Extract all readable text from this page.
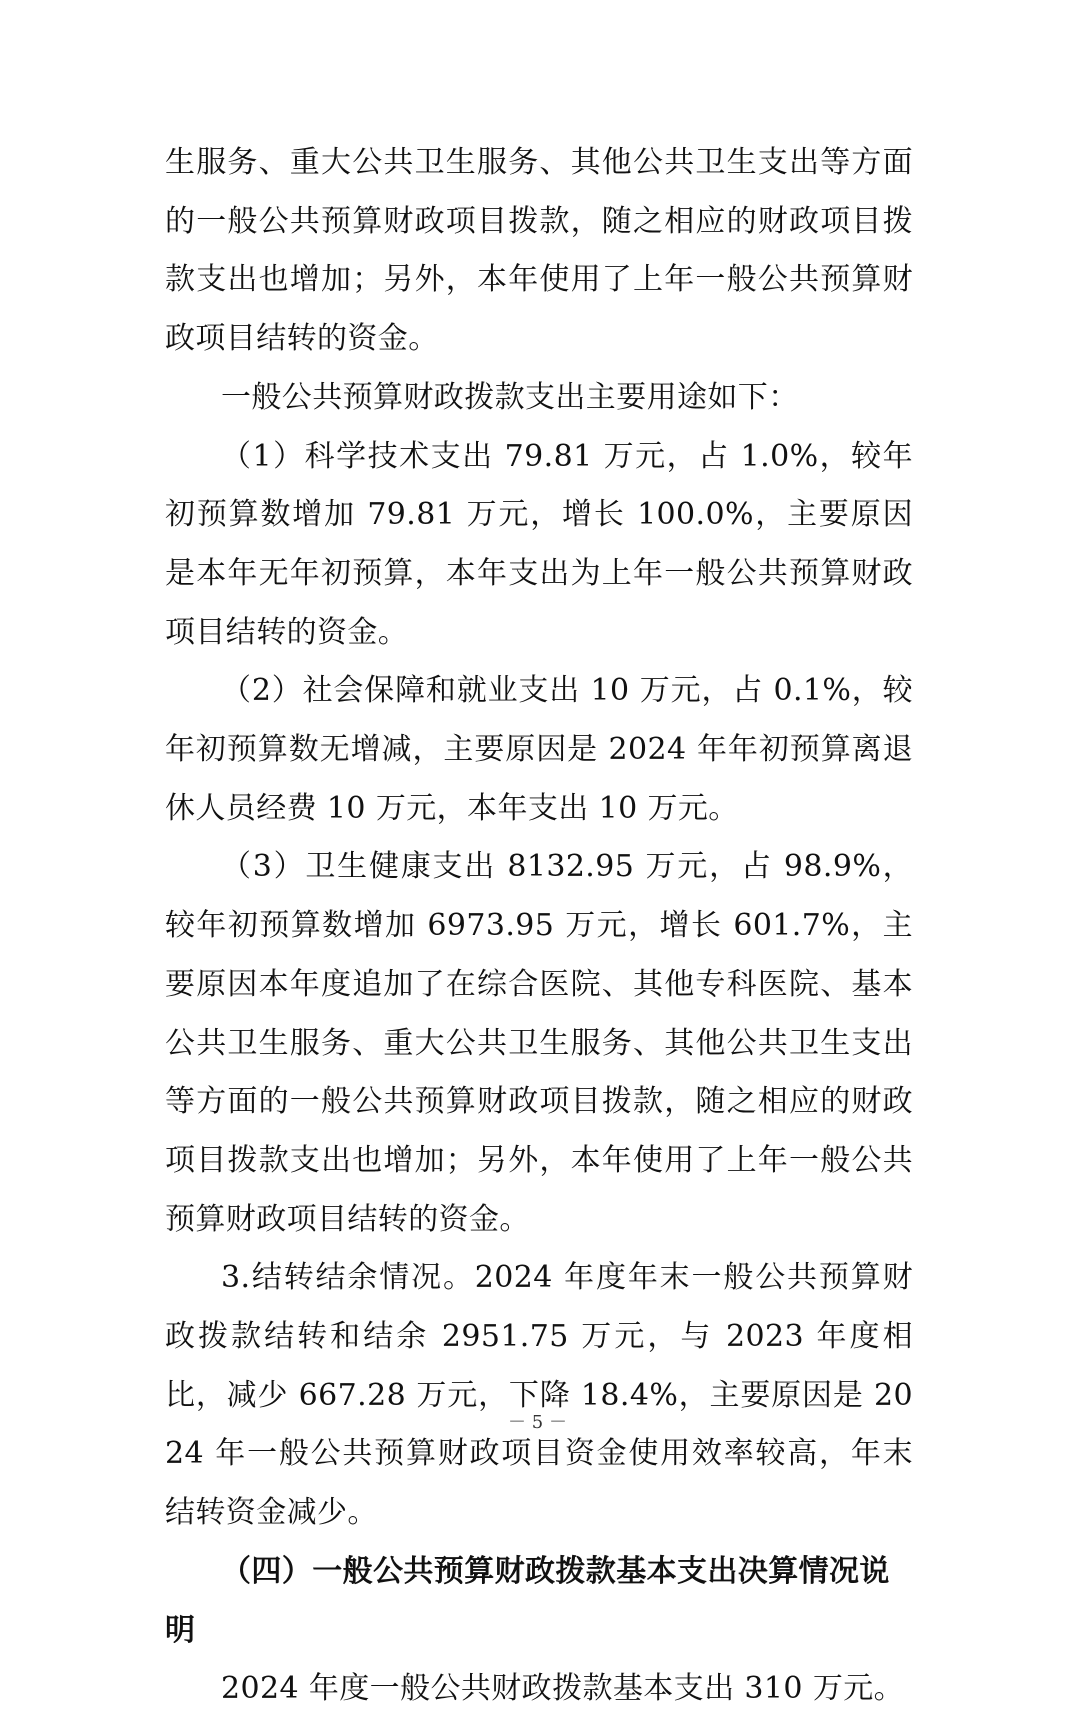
生服务、重大公共卫生服务、其他公共卫生支出等方面的一般公共预算财政项目拨款，随之相应的财政项目拨款支出也增加；另外，本年使用了上年一般公共预算财政项目结转的资金。

一般公共预算财政拨款支出主要用途如下：

（1）科学技术支出 79.81 万元，占 1.0%，较年初预算数增加 79.81 万元，增长 100.0%，主要原因是本年无年初预算，本年支出为上年一般公共预算财政项目结转的资金。

（2）社会保障和就业支出 10 万元，占 0.1%，较年初预算数无增减，主要原因是 2024 年年初预算离退休人员经费 10 万元，本年支出 10 万元。

（3）卫生健康支出 8132.95 万元，占 98.9%，较年初预算数增加 6973.95 万元，增长 601.7%，主要原因本年度追加了在综合医院、其他专科医院、基本公共卫生服务、重大公共卫生服务、其他公共卫生支出等方面的一般公共预算财政项目拨款，随之相应的财政项目拨款支出也增加；另外，本年使用了上年一般公共预算财政项目结转的资金。

3.结转结余情况。2024 年度年末一般公共预算财政拨款结转和结余 2951.75 万元，与 2023 年度相比，减少 667.28 万元，下降 18.4%，主要原因是 2024 年一般公共预算财政项目资金使用效率较高，年末结转资金减少。

（四）一般公共预算财政拨款基本支出决算情况说明

2024 年度一般公共财政拨款基本支出 310 万元。

－ 5 －
